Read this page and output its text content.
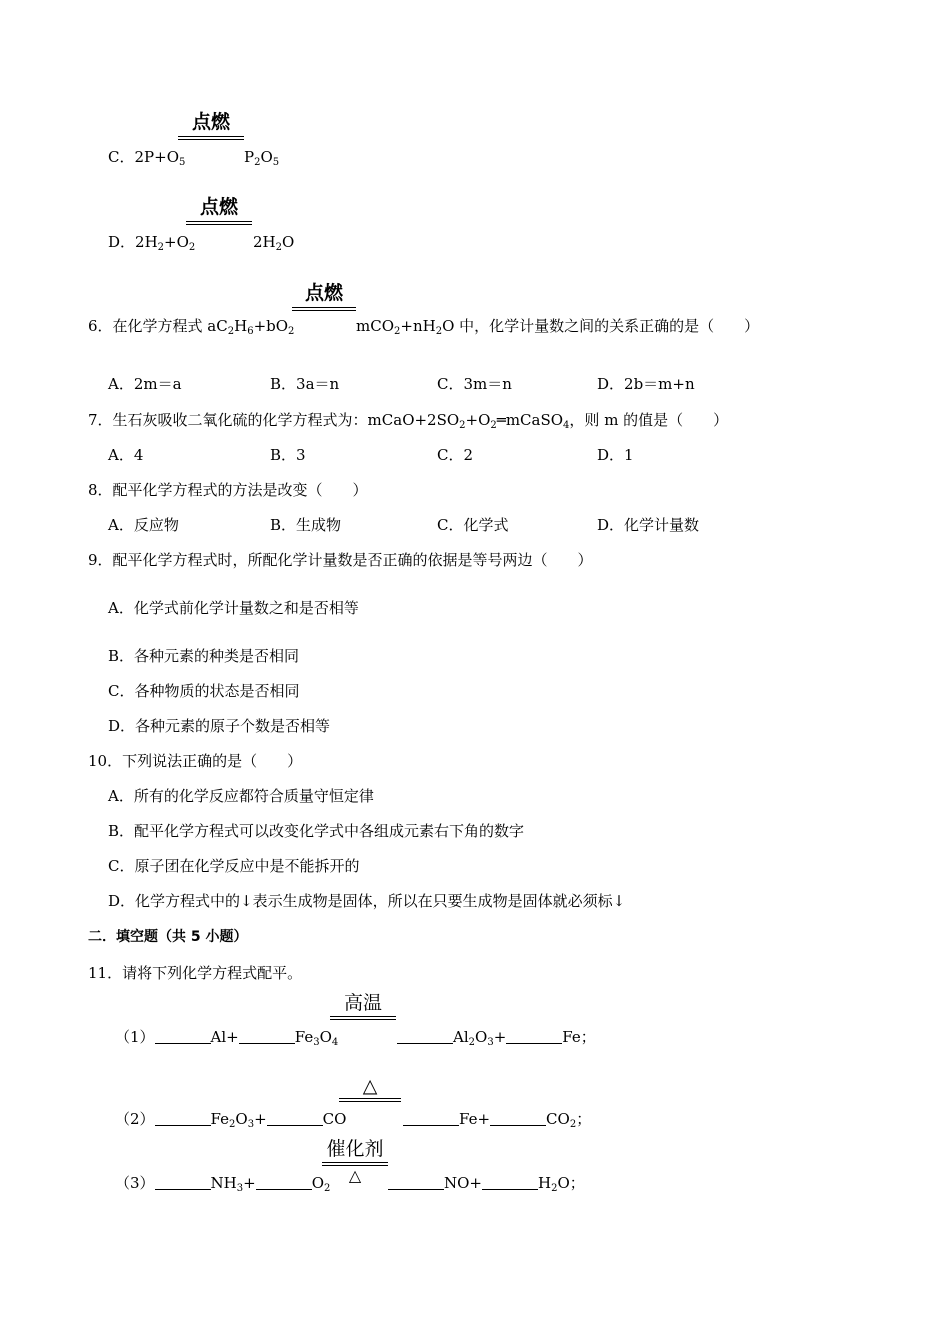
点燃
C．$2P+O_5$	$P_2O_5$
点燃
D．$2H_2+O_2$	$2H_2O$
点燃
6．在化学方程式 $aC_2H_6+bO_2$	$mCO_2+nH_2O$ 中，化学计量数之间的关系正确的是（　　）
A．2m＝a	B．3a＝n	C．3m＝n	D．2b＝m+n
7．生石灰吸收二氧化硫的化学方程式为：$mCaO+2SO_2+O_2═mCaSO_4$，则 m 的值是（　　）
A．4	B．3	C．2	D．1
8．配平化学方程式的方法是改变（　　）
A．反应物	B．生成物	C．化学式	D．化学计量数
9．配平化学方程式时，所配化学计量数是否正确的依据是等号两边（　　）
A．化学式前化学计量数之和是否相等
B．各种元素的种类是否相同
C．各种物质的状态是否相同
D．各种元素的原子个数是否相等
10．下列说法正确的是（　　）
A．所有的化学反应都符合质量守恒定律
B．配平化学方程式可以改变化学式中各组成元素右下角的数字
C．原子团在化学反应中是不能拆开的
D．化学方程式中的↓表示生成物是固体，所以在只要生成物是固体就必须标↓
二．填空题（共 5 小题）
11．请将下列化学方程式配平。
高温
（1）	Al+	$Fe_3O_4$	$Al_2O_3+$	Fe；
△
（2）	$Fe_2O_3+$	CO	Fe+	$CO_2$；
催化剂
△
（3）	$NH_3+$	$O_2$	NO+	$H_2O$；
